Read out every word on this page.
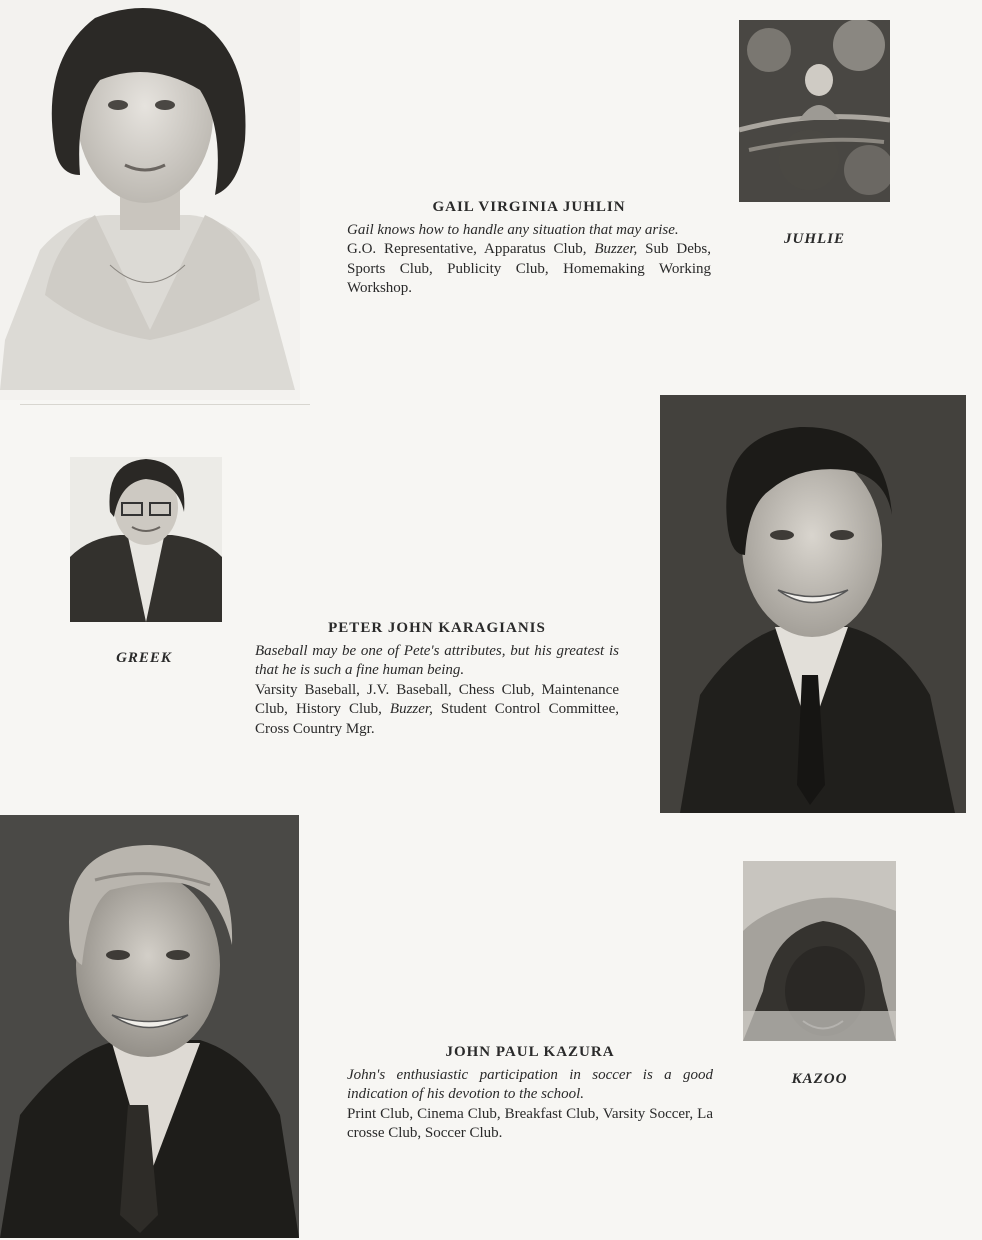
GAIL VIRGINIA JUHLIN
Gail knows how to handle any situation that may arise.
G.O. Representative, Apparatus Club, Buzzer, Sub Debs, Sports Club, Publicity Club, Homemaking Working Workshop.
JUHLIE
GREEK
PETER JOHN KARAGIANIS
Baseball may be one of Pete's attributes, but his greatest is that he is such a fine human being.
Varsity Baseball, J.V. Baseball, Chess Club, Maintenance Club, History Club, Buzzer, Student Control Committee, Cross Country Mgr.
JOHN PAUL KAZURA
John's enthusiastic participation in soccer is a good indication of his devotion to the school.
Print Club, Cinema Club, Breakfast Club, Varsity Soccer, La crosse Club, Soccer Club.
KAZOO
